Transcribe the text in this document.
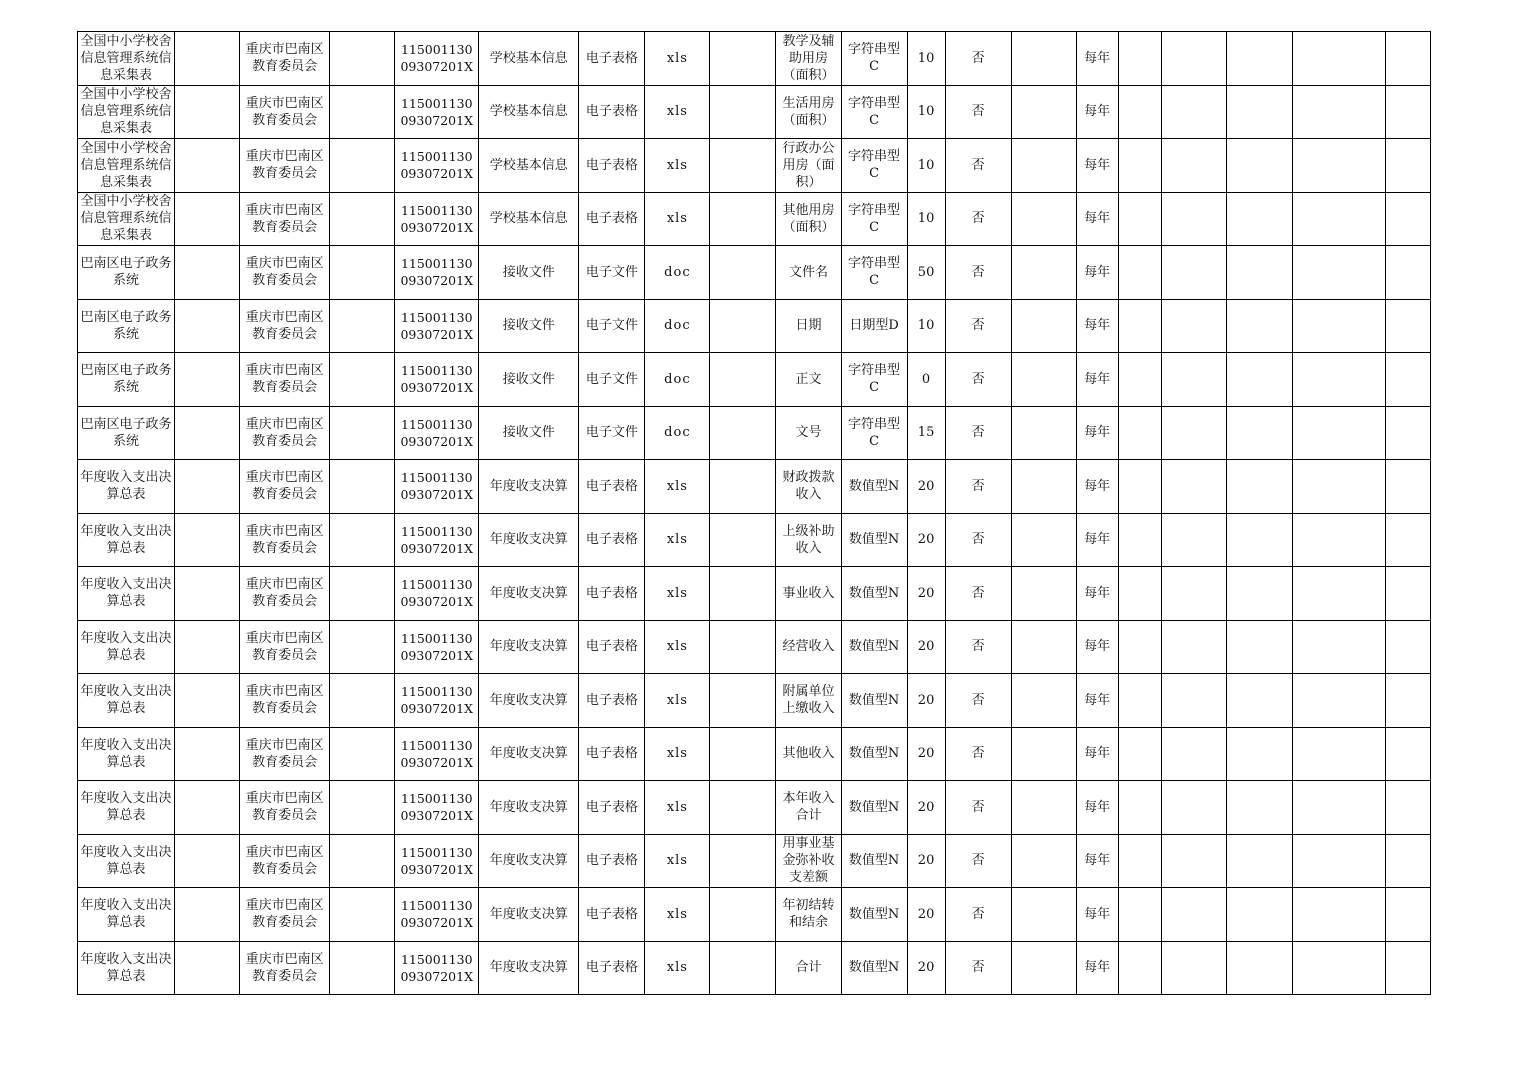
全国中小学校舍信息管理系统信息采集表		重庆市巴南区教育委员会		11500113009307201X	学校基本信息	电子表格	xls		教学及辅助用房（面积）	字符串型C	10	否		每年					
全国中小学校舍信息管理系统信息采集表		重庆市巴南区教育委员会		11500113009307201X	学校基本信息	电子表格	xls		生活用房（面积）	字符串型C	10	否		每年					
全国中小学校舍信息管理系统信息采集表		重庆市巴南区教育委员会		11500113009307201X	学校基本信息	电子表格	xls		行政办公用房（面积）	字符串型C	10	否		每年					
全国中小学校舍信息管理系统信息采集表		重庆市巴南区教育委员会		11500113009307201X	学校基本信息	电子表格	xls		其他用房（面积）	字符串型C	10	否		每年					
巴南区电子政务系统		重庆市巴南区教育委员会		11500113009307201X	接收文件	电子文件	doc		文件名	字符串型C	50	否		每年					
巴南区电子政务系统		重庆市巴南区教育委员会		11500113009307201X	接收文件	电子文件	doc		日期	日期型D	10	否		每年					
巴南区电子政务系统		重庆市巴南区教育委员会		11500113009307201X	接收文件	电子文件	doc		正文	字符串型C	0	否		每年					
巴南区电子政务系统		重庆市巴南区教育委员会		11500113009307201X	接收文件	电子文件	doc		文号	字符串型C	15	否		每年					
年度收入支出决算总表		重庆市巴南区教育委员会		11500113009307201X	年度收支决算	电子表格	xls		财政拨款收入	数值型N	20	否		每年					
年度收入支出决算总表		重庆市巴南区教育委员会		11500113009307201X	年度收支决算	电子表格	xls		上级补助收入	数值型N	20	否		每年					
年度收入支出决算总表		重庆市巴南区教育委员会		11500113009307201X	年度收支决算	电子表格	xls		事业收入	数值型N	20	否		每年					
年度收入支出决算总表		重庆市巴南区教育委员会		11500113009307201X	年度收支决算	电子表格	xls		经营收入	数值型N	20	否		每年					
年度收入支出决算总表		重庆市巴南区教育委员会		11500113009307201X	年度收支决算	电子表格	xls		附属单位上缴收入	数值型N	20	否		每年					
年度收入支出决算总表		重庆市巴南区教育委员会		11500113009307201X	年度收支决算	电子表格	xls		其他收入	数值型N	20	否		每年					
年度收入支出决算总表		重庆市巴南区教育委员会		11500113009307201X	年度收支决算	电子表格	xls		本年收入合计	数值型N	20	否		每年					
年度收入支出决算总表		重庆市巴南区教育委员会		11500113009307201X	年度收支决算	电子表格	xls		用事业基金弥补收支差额	数值型N	20	否		每年					
年度收入支出决算总表		重庆市巴南区教育委员会		11500113009307201X	年度收支决算	电子表格	xls		年初结转和结余	数值型N	20	否		每年					
年度收入支出决算总表		重庆市巴南区教育委员会		11500113009307201X	年度收支决算	电子表格	xls		合计	数值型N	20	否		每年					
